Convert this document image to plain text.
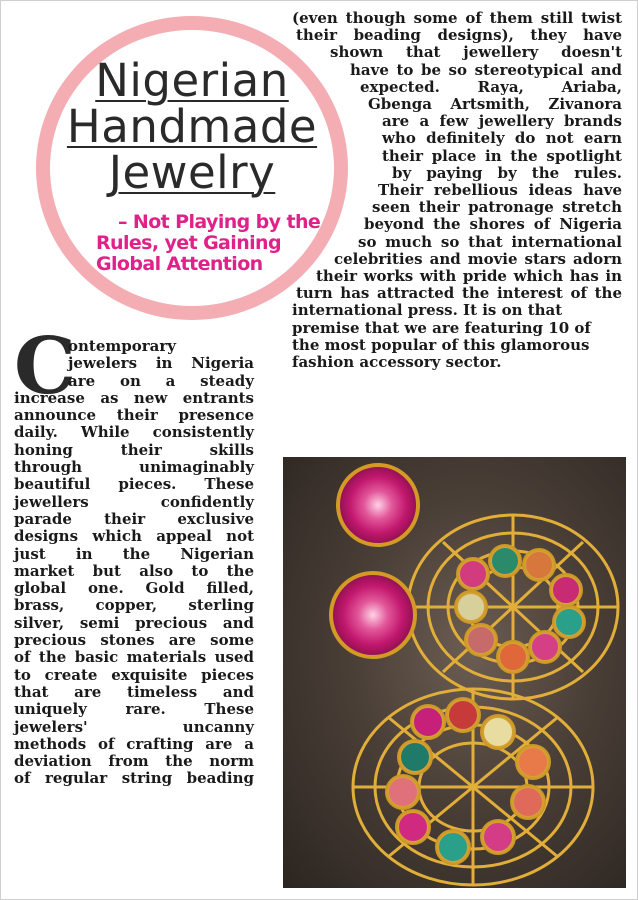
Nigerian
Handmade
Jewelry
– Not Playing by the
Rules, yet Gaining
Global Attention
(even though some of them still twist
their beading designs), they have
shown that jewellery doesn't
have to be so stereotypical and
expected. Raya, Ariaba,
Gbenga Artsmith, Zivanora
are a few jewellery brands
who definitely do not earn
their place in the spotlight
by paying by the rules.
Their rebellious ideas have
seen their patronage stretch
beyond the shores of Nigeria
so much so that international
celebrities and movie stars adorn
their works with pride which has in
turn has attracted the interest of the
international press. It is on that
premise that we are featuring 10 of
the most popular of this glamorous
fashion accessory sector.
C
ontemporary
jewelers in Nigeria
are on a steady
increase as new entrants
announce their presence
daily. While consistently
honing their skills
through unimaginably
beautiful pieces. These
jewellers confidently
parade their exclusive
designs which appeal not
just in the Nigerian
market but also to the
global one. Gold filled,
brass, copper, sterling
silver, semi precious and
precious stones are some
of the basic materials used
to create exquisite pieces
that are timeless and
uniquely rare. These
jewelers' uncanny
methods of crafting are a
deviation from the norm
of regular string beading
